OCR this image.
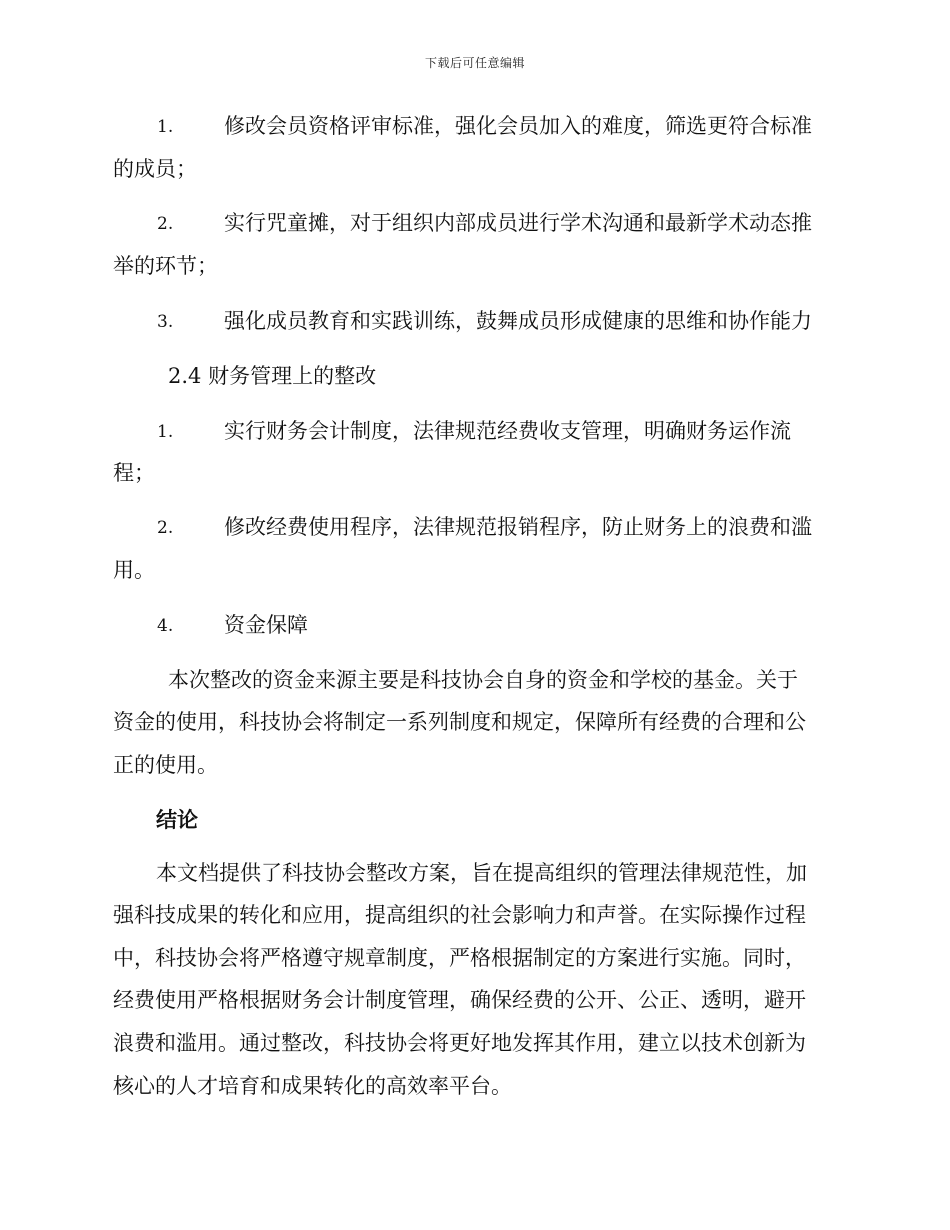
下载后可任意编辑
1. 修改会员资格评审标准，强化会员加入的难度，筛选更符合标准
的成员；
2. 实行咒童摊，对于组织内部成员进行学术沟通和最新学术动态推
举的环节；
3. 强化成员教育和实践训练，鼓舞成员形成健康的思维和协作能力
2.4 财务管理上的整改
1. 实行财务会计制度，法律规范经费收支管理，明确财务运作流
程；
2. 修改经费使用程序，法律规范报销程序，防止财务上的浪费和滥
用。
4. 资金保障
本次整改的资金来源主要是科技协会自身的资金和学校的基金。关于
资金的使用，科技协会将制定一系列制度和规定，保障所有经费的合理和公
正的使用。
结论
本文档提供了科技协会整改方案，旨在提高组织的管理法律规范性，加
强科技成果的转化和应用，提高组织的社会影响力和声誉。在实际操作过程
中，科技协会将严格遵守规章制度，严格根据制定的方案进行实施。同时，
经费使用严格根据财务会计制度管理，确保经费的公开、公正、透明，避开
浪费和滥用。通过整改，科技协会将更好地发挥其作用，建立以技术创新为
核心的人才培育和成果转化的高效率平台。
